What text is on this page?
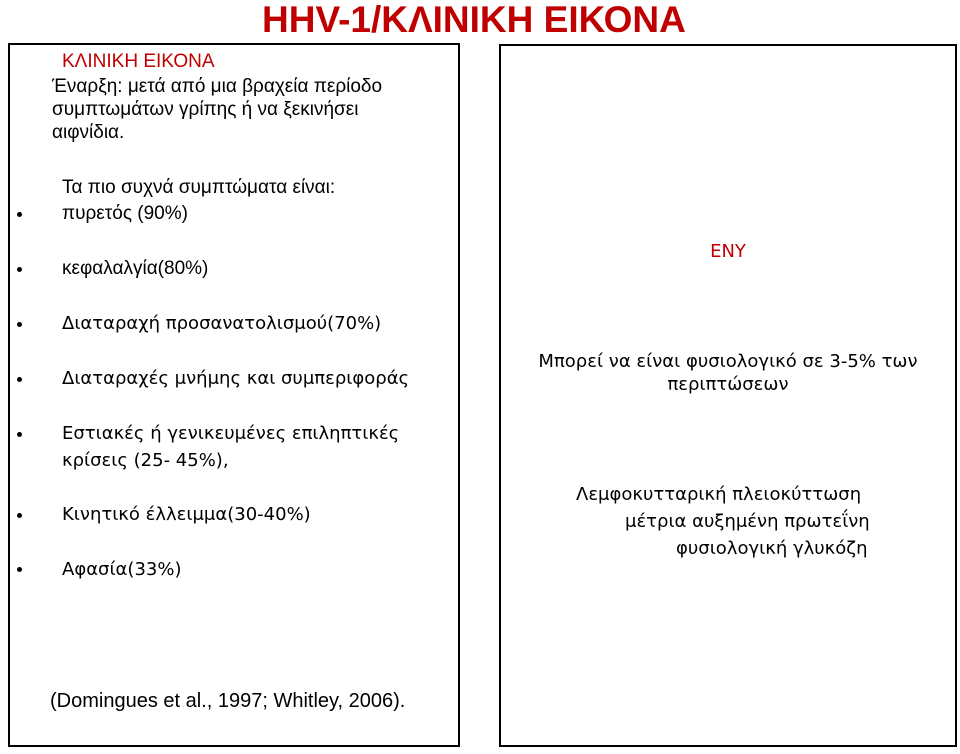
HHV-1/ΚΛΙΝΙΚΗ ΕΙΚΟΝΑ
ΚΛΙΝΙΚΗ ΕΙΚΟΝΑ
Έναρξη: μετά από μια βραχεία περίοδο
συμπτωμάτων γρίπης ή να ξεκινήσει
αιφνίδια.
Τα πιο συχνά συμπτώματα είναι:
πυρετός (90%)
κεφαλαλγία(80%)
Διαταραχή προσανατολισμού(70%)
Διαταραχές μνήμης και συμπεριφοράς
Εστιακές ή γενικευμένες επιληπτικές
κρίσεις (25- 45%),
Κινητικό έλλειμμα(30-40%)
Αφασία(33%)
(Domingues et al., 1997; Whitley, 2006).
ΕΝΥ
Μπορεί να είναι φυσιολογικό σε 3-5% των
περιπτώσεων
Λεμφοκυτταρική πλειοκύττωση
μέτρια αυξημένη πρωτεΐνη
φυσιολογική γλυκόζη
